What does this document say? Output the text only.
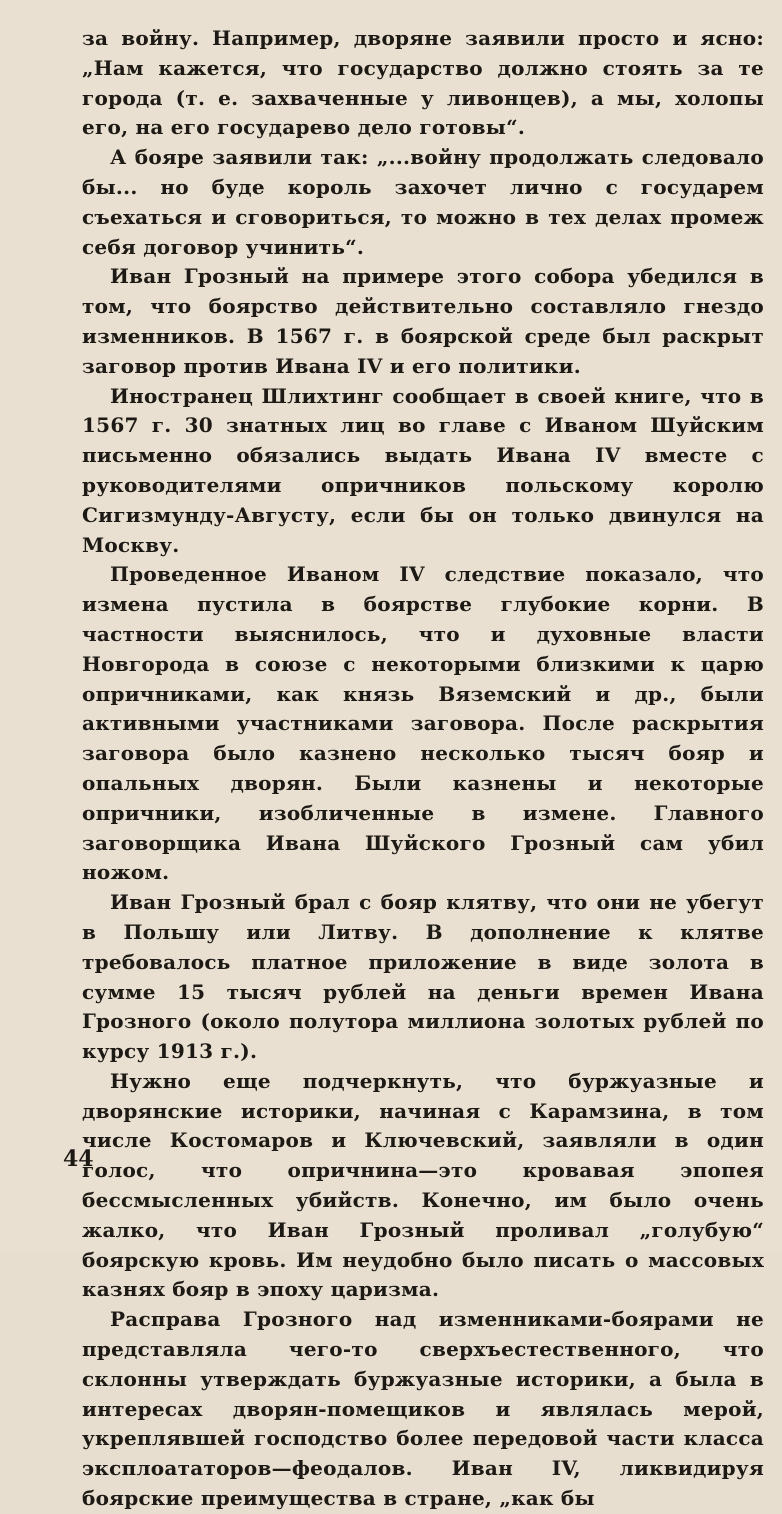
за войну. Например, дворяне заявили просто и ясно: „Нам кажется, что государство должно стоять за те города (т. е. захваченные у ливонцев), а мы, холопы его, на его государево дело готовы“.

А бояре заявили так: „...войну продолжать следовало бы... но буде король захочет лично с государем съехаться и сговориться, то можно в тех делах промеж себя договор учинить“.

Иван Грозный на примере этого собора убедился в том, что боярство действительно составляло гнездо изменников. В 1567 г. в боярской среде был раскрыт заговор против Ивана IV и его политики.

Иностранец Шлихтинг сообщает в своей книге, что в 1567 г. 30 знатных лиц во главе с Иваном Шуйским письменно обязались выдать Ивана IV вместе с руководителями опричников польскому королю Сигизмунду-Августу, если бы он только двинулся на Москву.

Проведенное Иваном IV следствие показало, что измена пустила в боярстве глубокие корни. В частности выяснилось, что и духовные власти Новгорода в союзе с некоторыми близкими к царю опричниками, как князь Вяземский и др., были активными участниками заговора. После раскрытия заговора было казнено несколько тысяч бояр и опальных дворян. Были казнены и некоторые опричники, изобличенные в измене. Главного заговорщика Ивана Шуйского Грозный сам убил ножом.

Иван Грозный брал с бояр клятву, что они не убегут в Польшу или Литву. В дополнение к клятве требовалось платное приложение в виде золота в сумме 15 тысяч рублей на деньги времен Ивана Грозного (около полутора миллиона золотых рублей по курсу 1913 г.).

Нужно еще подчеркнуть, что буржуазные и дворянские историки, начиная с Карамзина, в том числе Костомаров и Ключевский, заявляли в один голос, что опричнина—это кровавая эпопея бессмысленных убийств. Конечно, им было очень жалко, что Иван Грозный проливал „голубую“ боярскую кровь. Им неудобно было писать о массовых казнях бояр в эпоху царизма.

Расправа Грозного над изменниками-боярами не представляла чего-то сверхъестественного, что склонны утверждать буржуазные историки, а была в интересах дворян-помещиков и являлась мерой, укреплявшей господство более передовой части класса эксплоататоров—феодалов. Иван IV, ликвидируя боярские преимущества в стране, „как бы

44
